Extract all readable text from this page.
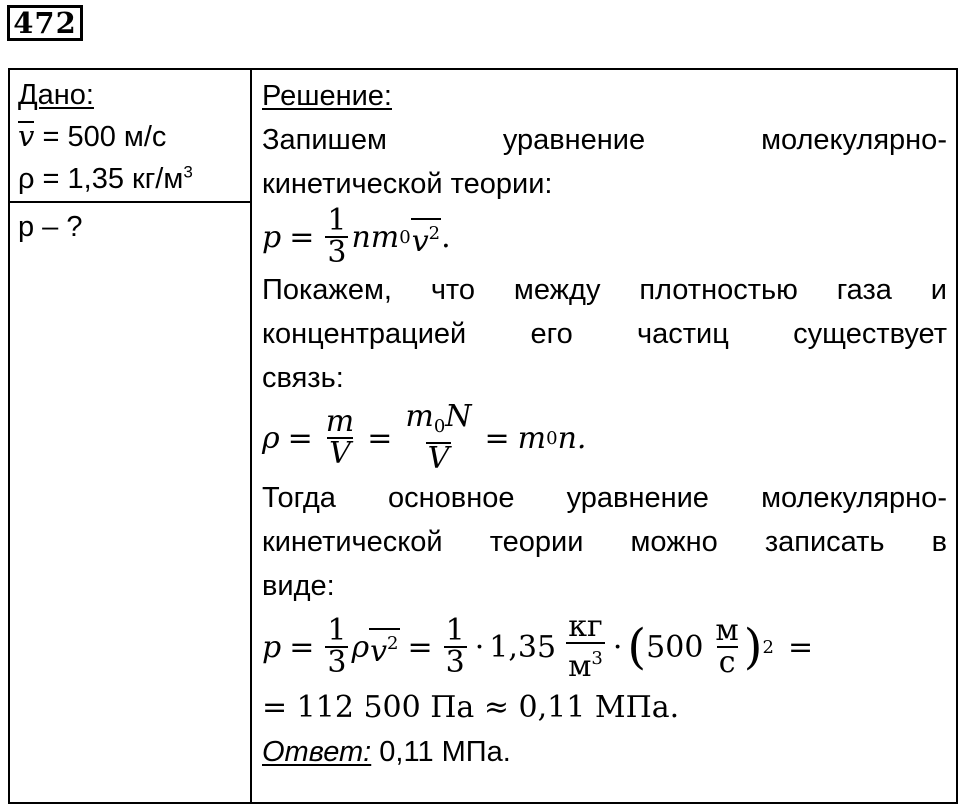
472
Дано:
v = 500 м/с
ρ = 1,35 $кг/м^3$
p – ?
Решение:
Запишем	уравнение	молекулярно-
кинетической теории:
$p = \frac{1}{3}$ nm 0 $v^2$ .
Покажем, что между плотностью газа и
концентрацией его частиц существует
связь:
$\rho = \frac{m}{V} = \frac{m_0N}{V} = m$ 0 n.
Тогда основное уравнение молекулярно-
кинетической теории можно записать в
виде:
$p = \frac{1}{3}$ ρ $v^2 = \frac{1}{3} \cdot 1,35 \frac{кг}{м^3}$ · ( $500 \frac{м}{с}$ ) 2 =
= 112 500 Па ≈ 0,11 МПа.
Ответ: 0,11 МПа.
